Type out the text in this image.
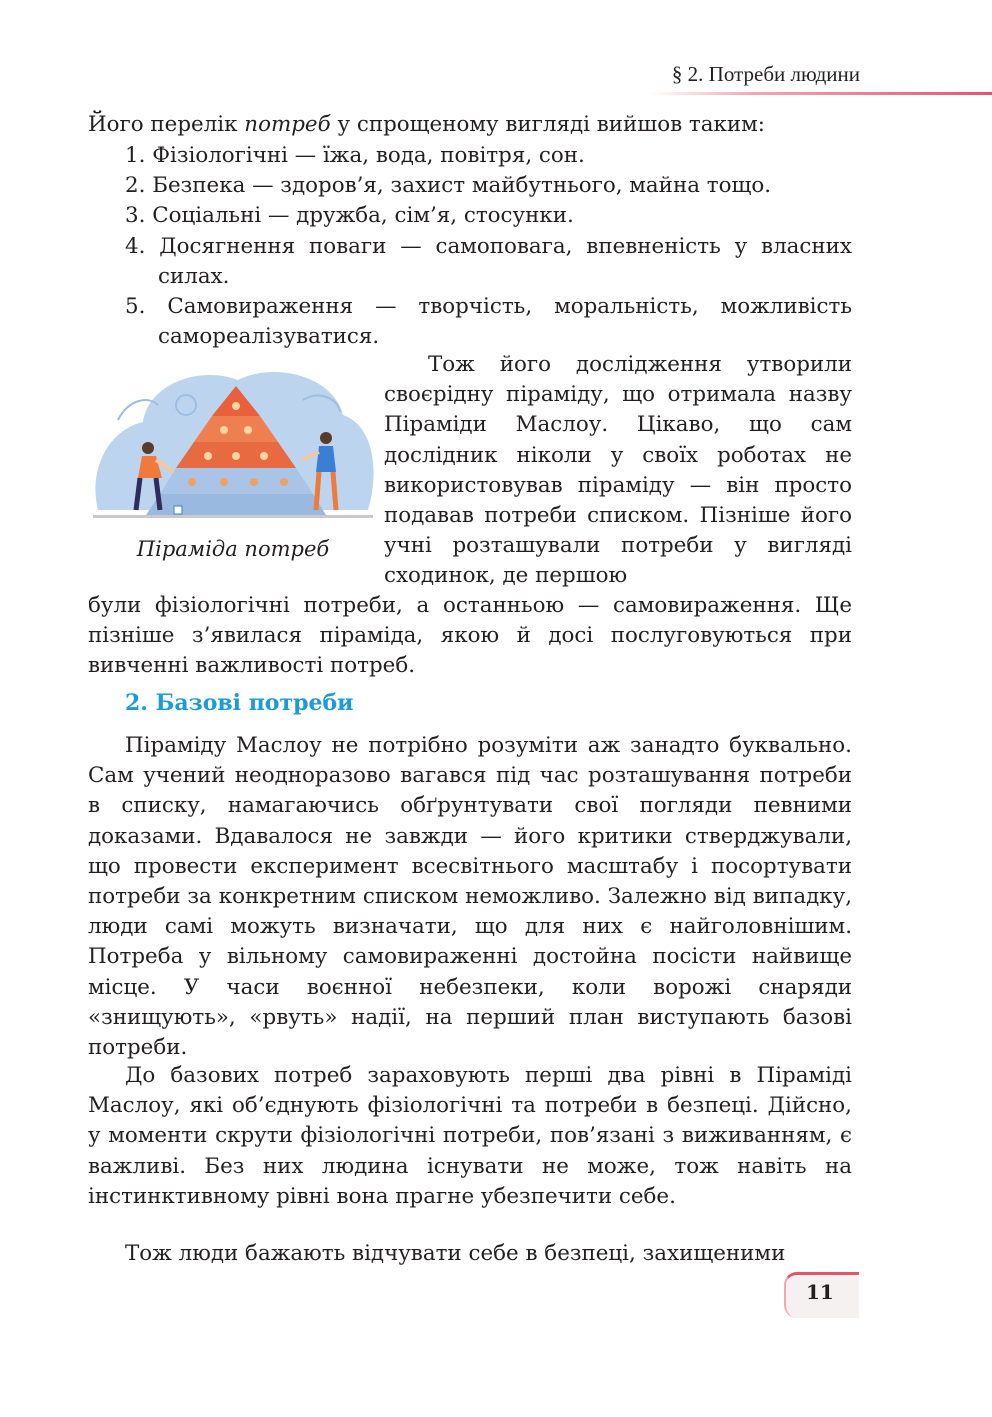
§ 2. Потреби людини

Його перелік потреб у спрощеному вигляді вийшов таким:

1. Фізіологічні — їжа, вода, повітря, сон.
2. Безпека — здоров’я, захист майбутнього, майна тощо.
3. Соціальні — дружба, сім’я, стосунки.
4. Досягнення поваги — самоповага, впевненість у власних силах.
5. Самовираження — творчість, моральність, можливість самореалізуватися.
Піраміда потреб

Тож його дослідження утворили своєрідну піраміду, що отримала назву Піраміди Маслоу. Цікаво, що сам дослідник ніколи у своїх роботах не використовував піраміду — він просто подавав потреби списком. Пізніше його учні розташували потреби у вигляді сходинок, де першою

були фізіологічні потреби, а останньою — самовираження. Ще пізніше з’явилася піраміда, якою й досі послуговуються при вивченні важливості потреб.

2. Базові потреби

Піраміду Маслоу не потрібно розуміти аж занадто буквально. Сам учений неодноразово вагався під час розташування потреби в списку, намагаючись обґрунтувати свої погляди певними доказами. Вдавалося не завжди — його критики стверджували, що провести експеримент всесвітнього масштабу і посортувати потреби за конкретним списком неможливо. Залежно від випадку, люди самі можуть визначати, що для них є найголовнішим. Потреба у вільному самовираженні достойна посісти найвище місце. У часи воєнної небезпеки, коли ворожі снаряди «знищують», «рвуть» надії, на перший план виступають базові потреби.

До базових потреб зараховують перші два рівні в Піраміді Маслоу, які об’єднують фізіологічні та потреби в безпеці. Дійсно, у моменти скрути фізіологічні потреби, пов’язані з виживанням, є важливі. Без них людина існувати не може, тож навіть на інстинктивному рівні вона прагне убезпечити себе.

Тож люди бажають відчувати себе в безпеці, захищеними

11
